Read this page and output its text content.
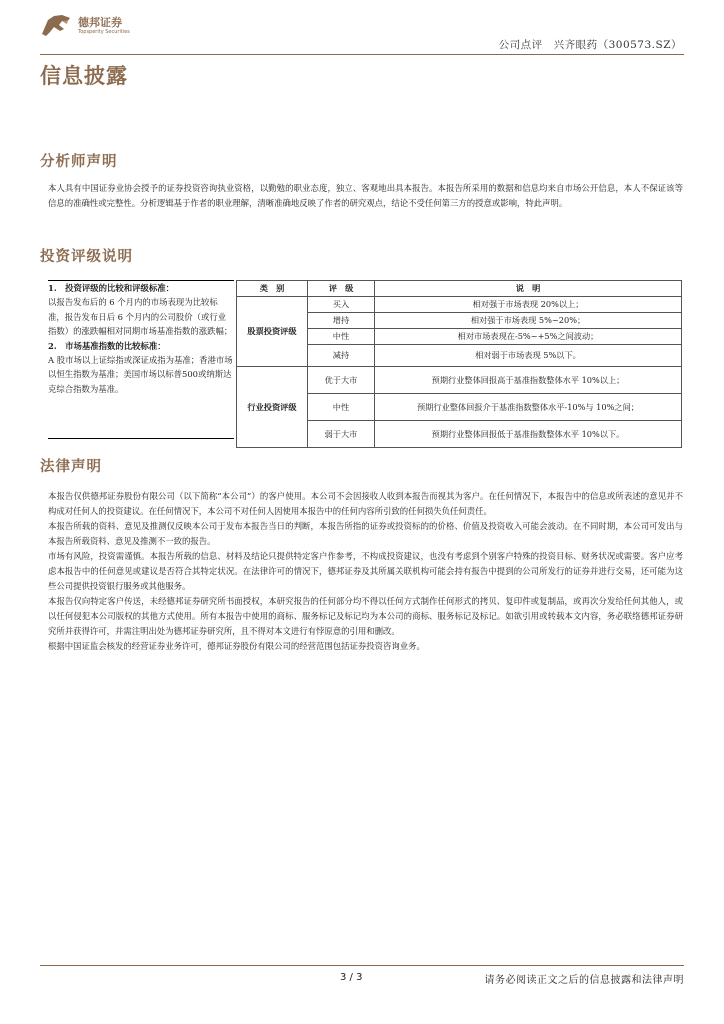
德邦证券
Topsperity Securities
公司点评　兴齐眼药（300573.SZ）
信息披露
分析师声明
本人具有中国证券业协会授予的证券投资咨询执业资格，以勤勉的职业态度，独立、客观地出具本报告。本报告所采用的数据和信息均来自市场公开信息，本人不保证该等信息的准确性或完整性。分析逻辑基于作者的职业理解，清晰准确地反映了作者的研究观点，结论不受任何第三方的授意或影响，特此声明。
投资评级说明

1.　投资评级的比较和评级标准：

以报告发布后的 6 个月内的市场表现为比较标准，报告发布日后 6 个月内的公司股价（或行业指数）的涨跌幅相对同期市场基准指数的涨跌幅；

2.　市场基准指数的比较标准：

A 股市场以上证综指或深证成指为基准；香港市场以恒生指数为基准；美国市场以标普500或纳斯达克综合指数为基准。

类　别	评　级	说　明
股票投资评级	买入	相对强于市场表现 20%以上；
	增持	相对强于市场表现 5%~20%；
	中性	相对市场表现在-5%~+5%之间波动；
	减持	相对弱于市场表现 5%以下。
行业投资评级	优于大市	预期行业整体回报高于基准指数整体水平 10%以上；
	中性	预期行业整体回报介于基准指数整体水平-10%与 10%之间；
	弱于大市	预期行业整体回报低于基准指数整体水平 10%以下。
法律声明

本报告仅供德邦证券股份有限公司（以下简称“本公司”）的客户使用。本公司不会因接收人收到本报告而视其为客户。在任何情况下，本报告中的信息或所表述的意见并不构成对任何人的投资建议。在任何情况下，本公司不对任何人因使用本报告中的任何内容所引致的任何损失负任何责任。

本报告所载的资料、意见及推测仅反映本公司于发布本报告当日的判断，本报告所指的证券或投资标的的价格、价值及投资收入可能会波动。在不同时期，本公司可发出与本报告所载资料、意见及推测不一致的报告。

市场有风险，投资需谨慎。本报告所载的信息、材料及结论只提供特定客户作参考，不构成投资建议，也没有考虑到个别客户特殊的投资目标、财务状况或需要。客户应考虑本报告中的任何意见或建议是否符合其特定状况。在法律许可的情况下，德邦证券及其所属关联机构可能会持有报告中提到的公司所发行的证券并进行交易，还可能为这些公司提供投资银行服务或其他服务。

本报告仅向特定客户传送，未经德邦证券研究所书面授权，本研究报告的任何部分均不得以任何方式制作任何形式的拷贝、复印件或复制品，或再次分发给任何其他人，或以任何侵犯本公司版权的其他方式使用。所有本报告中使用的商标、服务标记及标记均为本公司的商标、服务标记及标记。如欲引用或转载本文内容，务必联络德邦证券研究所并获得许可，并需注明出处为德邦证券研究所，且不得对本文进行有悖原意的引用和删改。

根据中国证监会核发的经营证券业务许可，德邦证券股份有限公司的经营范围包括证券投资咨询业务。

3 / 3	请务必阅读正文之后的信息披露和法律声明
